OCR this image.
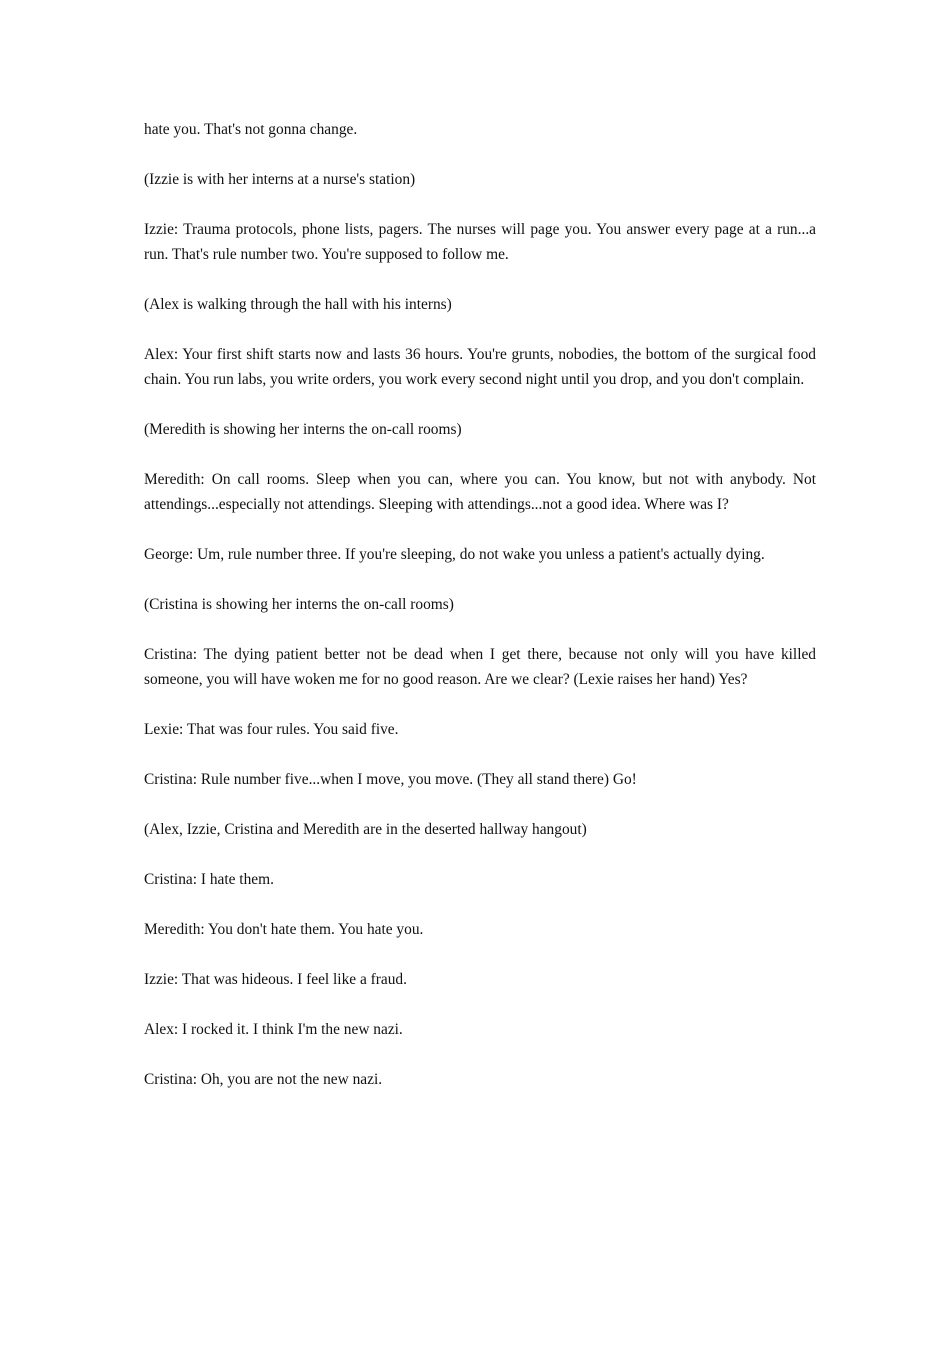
hate you. That's not gonna change.

(Izzie is with her interns at a nurse's station)

Izzie: Trauma protocols, phone lists, pagers. The nurses will page you. You answer every page at a run...a run. That's rule number two. You're supposed to follow me.

(Alex is walking through the hall with his interns)

Alex: Your first shift starts now and lasts 36 hours. You're grunts, nobodies, the bottom of the surgical food chain. You run labs, you write orders, you work every second night until you drop, and you don't complain.

(Meredith is showing her interns the on-call rooms)

Meredith: On call rooms. Sleep when you can, where you can. You know, but not with anybody. Not attendings...especially not attendings. Sleeping with attendings...not a good idea. Where was I?

George: Um, rule number three. If you're sleeping, do not wake you unless a patient's actually dying.

(Cristina is showing her interns the on-call rooms)

Cristina: The dying patient better not be dead when I get there, because not only will you have killed someone, you will have woken me for no good reason. Are we clear? (Lexie raises her hand) Yes?

Lexie: That was four rules. You said five.

Cristina: Rule number five...when I move, you move. (They all stand there) Go!

(Alex, Izzie, Cristina and Meredith are in the deserted hallway hangout)

Cristina: I hate them.

Meredith: You don't hate them. You hate you.

Izzie: That was hideous. I feel like a fraud.

Alex: I rocked it. I think I'm the new nazi.

Cristina: Oh, you are not the new nazi.
